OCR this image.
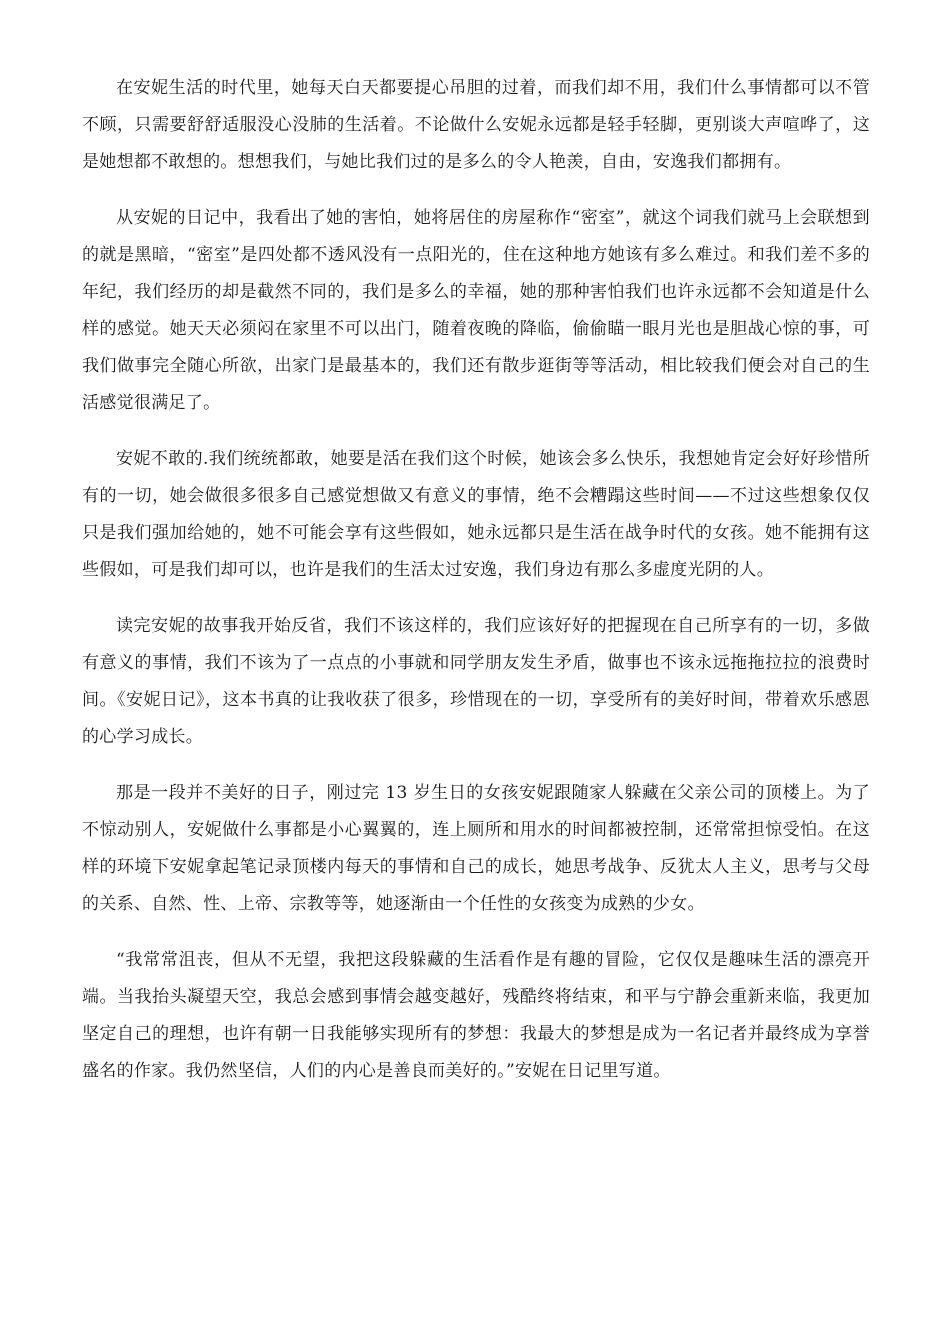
在安妮生活的时代里，她每天白天都要提心吊胆的过着，而我们却不用，我们什么事情都可以不管不顾，只需要舒舒适服没心没肺的生活着。不论做什么安妮永远都是轻手轻脚，更别谈大声喧哗了，这是她想都不敢想的。想想我们，与她比我们过的是多么的令人艳羡，自由，安逸我们都拥有。

从安妮的日记中，我看出了她的害怕，她将居住的房屋称作“密室”，就这个词我们就马上会联想到的就是黑暗，“密室”是四处都不透风没有一点阳光的，住在这种地方她该有多么难过。和我们差不多的年纪，我们经历的却是截然不同的，我们是多么的幸福，她的那种害怕我们也许永远都不会知道是什么样的感觉。她天天必须闷在家里不可以出门，随着夜晚的降临，偷偷瞄一眼月光也是胆战心惊的事，可我们做事完全随心所欲，出家门是最基本的，我们还有散步逛街等等活动，相比较我们便会对自己的生活感觉很满足了。

安妮不敢的.我们统统都敢，她要是活在我们这个时候，她该会多么快乐，我想她肯定会好好珍惜所有的一切，她会做很多很多自己感觉想做又有意义的事情，绝不会糟蹋这些时间——不过这些想象仅仅只是我们强加给她的，她不可能会享有这些假如，她永远都只是生活在战争时代的女孩。她不能拥有这些假如，可是我们却可以，也许是我们的生活太过安逸，我们身边有那么多虚度光阴的人。

读完安妮的故事我开始反省，我们不该这样的，我们应该好好的把握现在自己所享有的一切，多做有意义的事情，我们不该为了一点点的小事就和同学朋友发生矛盾，做事也不该永远拖拖拉拉的浪费时间。《安妮日记》，这本书真的让我收获了很多，珍惜现在的一切，享受所有的美好时间，带着欢乐感恩的心学习成长。

那是一段并不美好的日子，刚过完 13 岁生日的女孩安妮跟随家人躲藏在父亲公司的顶楼上。为了不惊动别人，安妮做什么事都是小心翼翼的，连上厕所和用水的时间都被控制，还常常担惊受怕。在这样的环境下安妮拿起笔记录顶楼内每天的事情和自己的成长，她思考战争、反犹太人主义，思考与父母的关系、自然、性、上帝、宗教等等，她逐渐由一个任性的女孩变为成熟的少女。

“我常常沮丧，但从不无望，我把这段躲藏的生活看作是有趣的冒险，它仅仅是趣味生活的漂亮开端。当我抬头凝望天空，我总会感到事情会越变越好，残酷终将结束，和平与宁静会重新来临，我更加坚定自己的理想，也许有朝一日我能够实现所有的梦想：我最大的梦想是成为一名记者并最终成为享誉盛名的作家。我仍然坚信，人们的内心是善良而美好的。”安妮在日记里写道。
